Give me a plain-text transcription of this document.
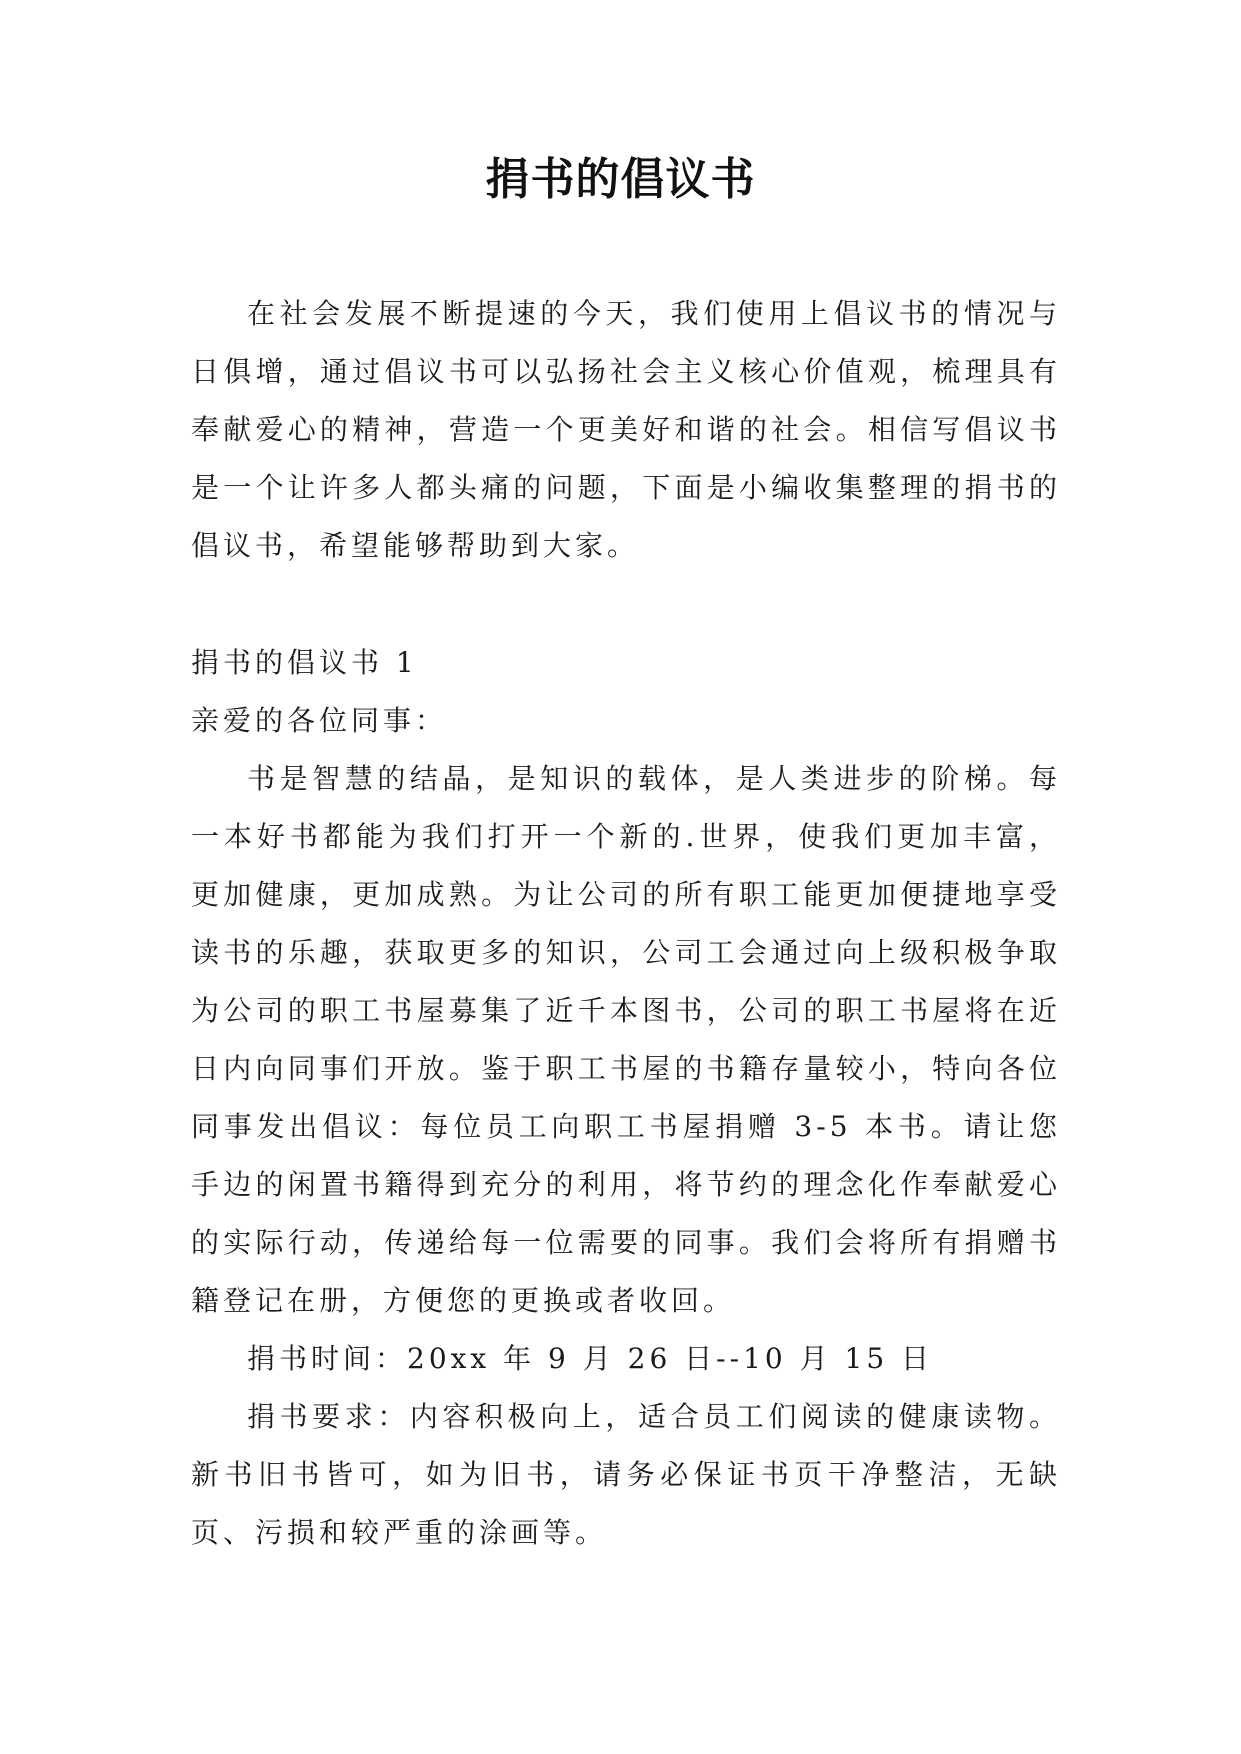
捐书的倡议书

在社会发展不断提速的今天，我们使用上倡议书的情况与日俱增，通过倡议书可以弘扬社会主义核心价值观，梳理具有奉献爱心的精神，营造一个更美好和谐的社会。相信写倡议书是一个让许多人都头痛的问题，下面是小编收集整理的捐书的倡议书，希望能够帮助到大家。

捐书的倡议书 1

亲爱的各位同事：

书是智慧的结晶，是知识的载体，是人类进步的阶梯。每一本好书都能为我们打开一个新的.世界，使我们更加丰富，更加健康，更加成熟。为让公司的所有职工能更加便捷地享受读书的乐趣，获取更多的知识，公司工会通过向上级积极争取为公司的职工书屋募集了近千本图书，公司的职工书屋将在近日内向同事们开放。鉴于职工书屋的书籍存量较小，特向各位同事发出倡议：每位员工向职工书屋捐赠 3-5 本书。请让您手边的闲置书籍得到充分的利用，将节约的理念化作奉献爱心的实际行动，传递给每一位需要的同事。我们会将所有捐赠书籍登记在册，方便您的更换或者收回。

捐书时间：20xx 年 9 月 26 日--10 月 15 日

捐书要求：内容积极向上，适合员工们阅读的健康读物。新书旧书皆可，如为旧书，请务必保证书页干净整洁，无缺页、污损和较严重的涂画等。
